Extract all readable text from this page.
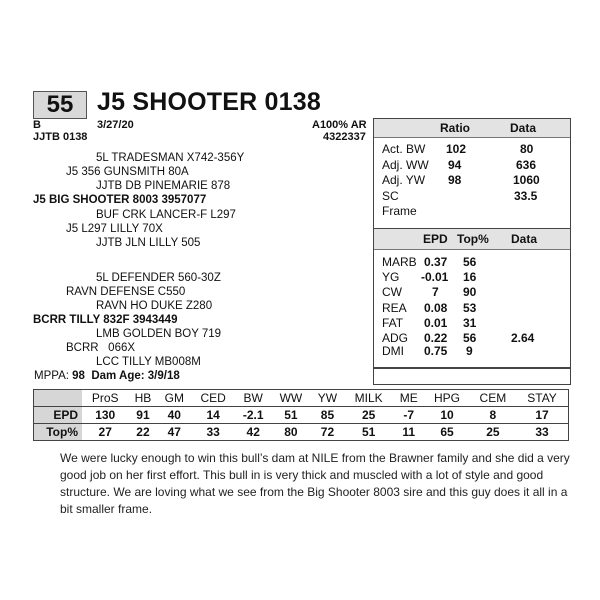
55 J5 SHOOTER 0138
B	3/27/20
JJTB 0138
A100% AR
4322337
5L TRADESMAN X742-356Y
J5 356 GUNSMITH 80A
JJTB DB PINEMARIE 878
J5 BIG SHOOTER 8003 3957077
BUF CRK LANCER-F L297
J5 L297 LILLY 70X
JJTB JLN LILLY 505
5L DEFENDER 560-30Z
RAVN DEFENSE C550
RAVN HO DUKE Z280
BCRR TILLY 832F 3943449
LMB GOLDEN BOY 719
BCRR   066X
LCC TILLY MB008M
MPPA: 98 Dam Age: 3/9/18
Ratio	Data
Act. BW 102	80
Adj. WW 94	636
Adj. YW 98	1060
SC	33.5
Frame
EPD Top% Data
MARB 0.37 56
YG -0.01 16
CW	7 90
REA 0.08 53
FAT 0.01 31
ADG 0.22 56	2.64
DMI 0.75 9
	ProS	HB	GM	CED	BW	WW	YW	MILK	ME	HPG	CEM	STAY
EPD	130	91	40	14	-2.1	51	85	25	-7	10	8	17
Top%	27	22	47	33	42	80	72	51	11	65	25	33
We were lucky enough to win this bull’s dam at NILE from the Brawner family and she did a very good job on her first effort. This bull in is very thick and muscled with a lot of style and good structure. We are loving what we see from the Big Shooter 8003 sire and this guy does it all in a bit smaller frame.
